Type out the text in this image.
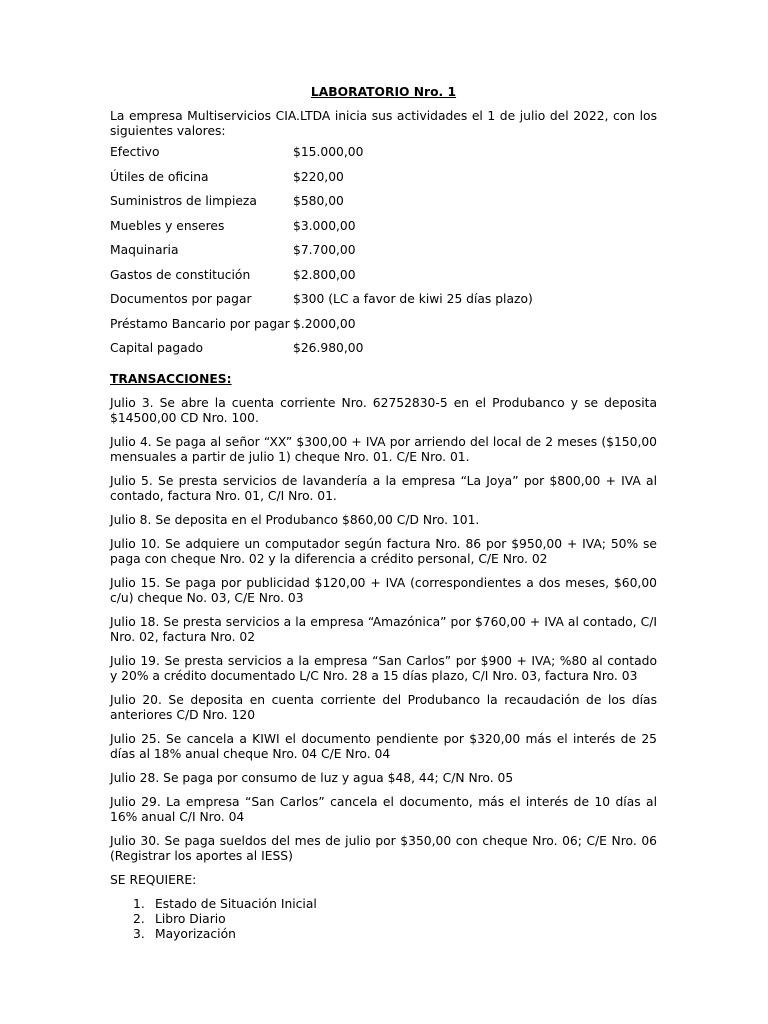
LABORATORIO Nro. 1

La empresa Multiservicios CIA.LTDA inicia sus actividades el 1 de julio del 2022, con los siguientes valores:

Efectivo	$15.000,00
Útiles de oficina	$220,00
Suministros de limpieza	$580,00
Muebles y enseres	$3.000,00
Maquinaria	$7.700,00
Gastos de constitución	$2.800,00
Documentos por pagar	$300 (LC a favor de kiwi 25 días plazo)
Préstamo Bancario por pagar $.2000,00
Capital pagado	$26.980,00

TRANSACCIONES:

Julio 3. Se abre la cuenta corriente Nro. 62752830-5 en el Produbanco y se deposita $14500,00 CD Nro. 100.

Julio 4. Se paga al señor “XX” $300,00 + IVA por arriendo del local de 2 meses ($150,00 mensuales a partir de julio 1) cheque Nro. 01. C/E Nro. 01.

Julio 5. Se presta servicios de lavandería a la empresa “La Joya” por $800,00 + IVA al contado, factura Nro. 01, C/I Nro. 01.

Julio 8. Se deposita en el Produbanco $860,00 C/D Nro. 101.

Julio 10. Se adquiere un computador según factura Nro. 86 por $950,00 + IVA; 50% se paga con cheque Nro. 02 y la diferencia a crédito personal, C/E Nro. 02

Julio 15. Se paga por publicidad $120,00 + IVA (correspondientes a dos meses, $60,00 c/u) cheque No. 03, C/E Nro. 03

Julio 18. Se presta servicios a la empresa “Amazónica” por $760,00 + IVA al contado, C/I Nro. 02, factura Nro. 02

Julio 19. Se presta servicios a la empresa “San Carlos” por $900 + IVA; %80 al contado y 20% a crédito documentado L/C Nro. 28 a 15 días plazo, C/I Nro. 03, factura Nro. 03

Julio 20. Se deposita en cuenta corriente del Produbanco la recaudación de los días anteriores C/D Nro. 120

Julio 25. Se cancela a KIWI el documento pendiente por $320,00 más el interés de 25 días al 18% anual cheque Nro. 04 C/E Nro. 04

Julio 28. Se paga por consumo de luz y agua $48, 44; C/N Nro. 05

Julio 29. La empresa “San Carlos” cancela el documento, más el interés de 10 días al 16% anual C/I Nro. 04

Julio 30. Se paga sueldos del mes de julio por $350,00 con cheque Nro. 06; C/E Nro. 06 (Registrar los aportes al IESS)

SE REQUIERE:

1. Estado de Situación Inicial
2. Libro Diario
3. Mayorización
